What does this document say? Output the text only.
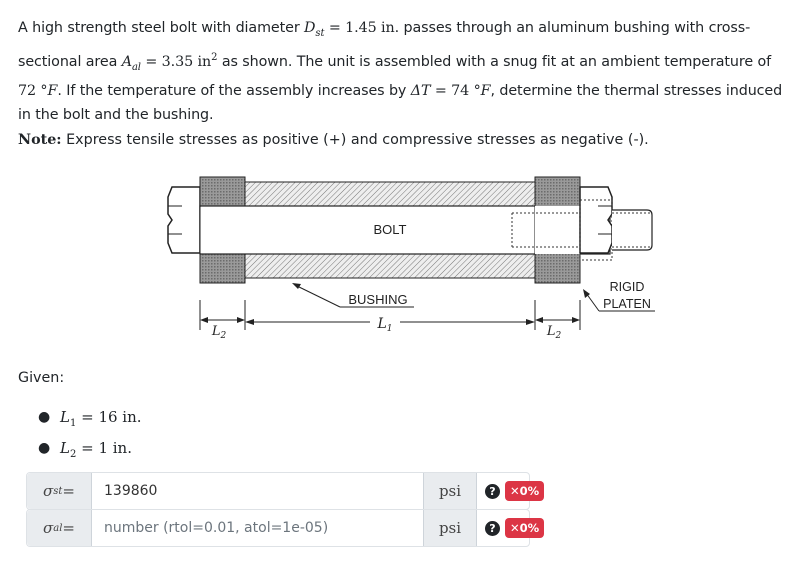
A high strength steel bolt with diameter $D_{st} = 1.45$ in. passes through an aluminum bushing with cross-sectional area $A_{al} = 3.35$ $in^2$ as shown. The unit is assembled with a snug fit at an ambient temperature of 72 °F. If the temperature of the assembly increases by ΔT = 74 °F, determine the thermal stresses induced in the bolt and the bushing.
Note: Express tensile stresses as positive (+) and compressive stresses as negative (-).
BOLT
BUSHING
RIGID
PLATEN
$L_1$
$L_2$	$L_2$
Given:
● $L_1 = 16$ in.
● $L_2 = 1$ in.
σ st =
139860	psi	?	✕0%
σ al =
number (rtol=0.01, atol=1e-05)	psi	?	✕0%
